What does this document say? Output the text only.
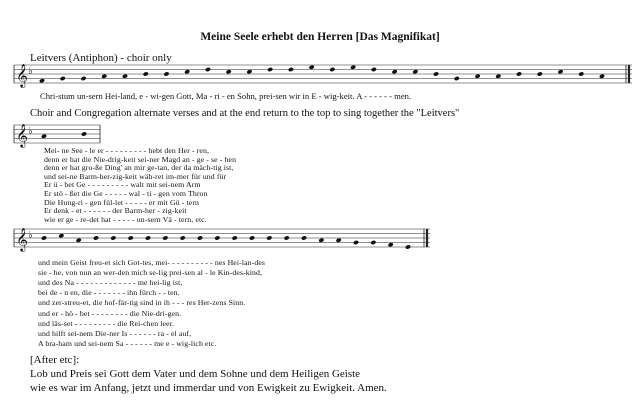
Meine Seele erhebt den Herren [Das Magnifikat]
𝄞 ♭
𝄞 ♭
𝄞 ♭
Leitvers (Antiphon) - choir only
Chri-stum un-sern Hei-land, e - wi-gen Gott, Ma - ri - en Sohn, prei-sen wir in E - wig-keit. A - - - - - - men.
Choir and Congregation alternate verses and at the end return to the top to sing together the "Leitvers"
Mei- ne See - le er - - - - - - - - - hebt den Her - ren,
denn er hat die Nie-drig-keit sei-ner Magd an - ge - se - hen
denn er hat gro-ße Ding' an mir ge-tan, der da mäch-tig ist,
und sei-ne Barm-her-zig-keit wäh-ret im-mer für und für
Er ü - bet Ge - - - - - - - - - walt mit sei-nem Arm
Er stö - ßet die Ge - - - - - wal - ti - gen vom Thron
Die Hung-ri - gen fül-let - - - - - er mit Gü - tern
Er denk - et - - - - - - der Barm-her - zig-keit
wie er ge - re-det hat - - - - - un-sern Vä - tern, etc.
und mein Geist freu-et sich Got-tes, mei- - - - - - - - - - nes Hei-lan-des
sie - he, von nun an wer-den mich se-lig prei-sen al - le Kin-des-kind,
und des Na - - - - - - - - - - - - - me hei-lig ist,
bei de - n en, die - - - - - - - ihn fürch - - ten.
und zer-streu-et, die hof-fär-tig sind in ih - - - res Her-zens Sinn.
und er - hö - bet - - - - - - - - die Nie-dri-gen.
und läs-set - - - - - - - - - die Rei-chen leer.
und hilft sei-nem Die-ner Is - - - - - - ra - el auf,
A bra-ham und sei-nem Sa - - - - - - me e - wig-lich etc.
[After etc]:
Lob und Preis sei Gott dem Vater und dem Sohne und dem Heiligen Geiste
wie es war im Anfang, jetzt und immerdar und von Ewigkeit zu Ewigkeit. Amen.
